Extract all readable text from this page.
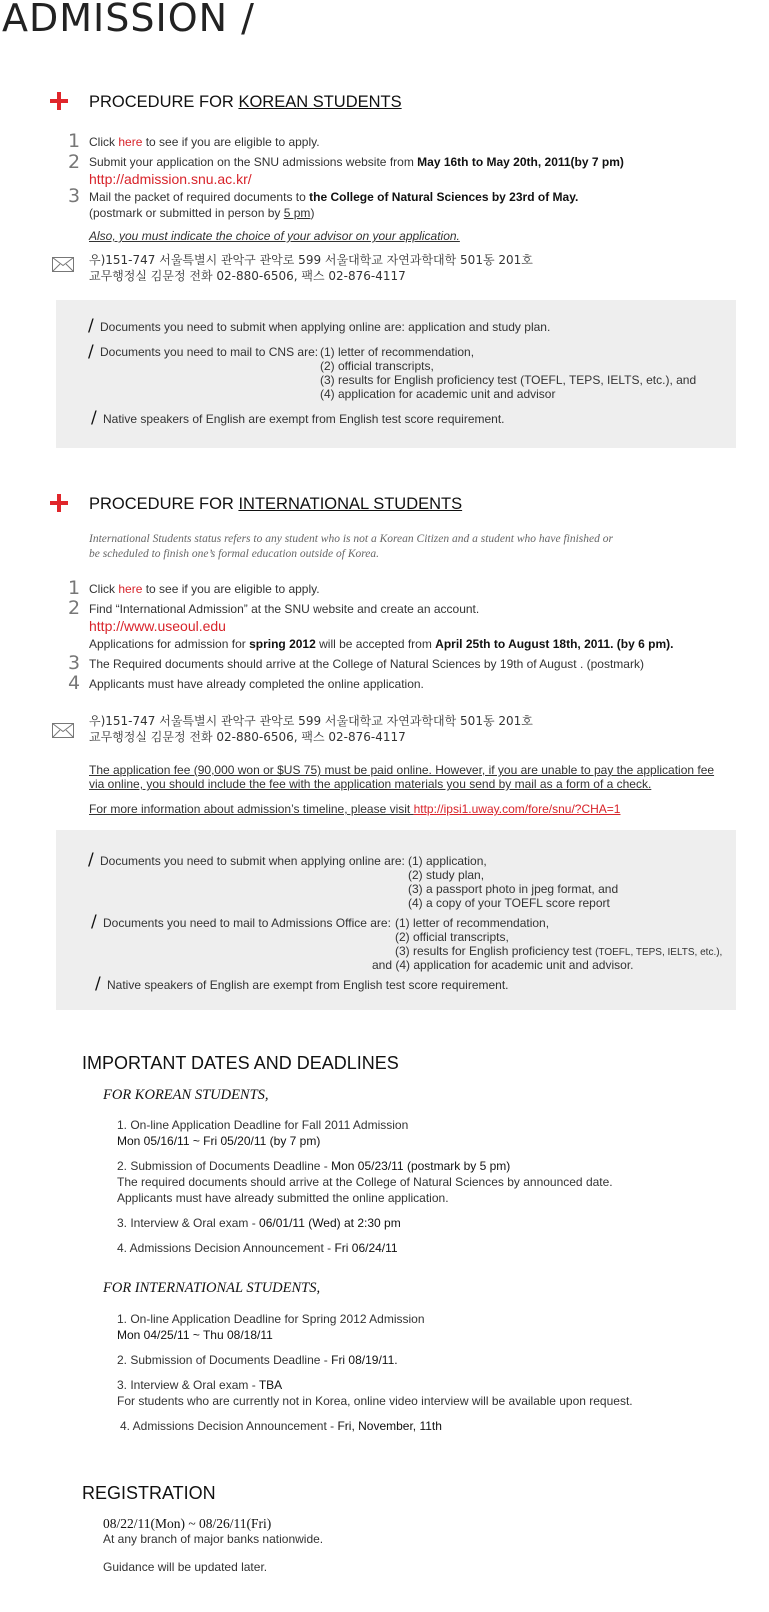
ADMISSION /
PROCEDURE FOR KOREAN STUDENTS
1 Click here to see if you are eligible to apply.
2 Submit your application on the SNU admissions website from May 16th to May 20th, 2011(by 7 pm)
http://admission.snu.ac.kr/
3 Mail the packet of required documents to the College of Natural Sciences by 23rd of May.
(postmark or submitted in person by 5 pm)
Also, you must indicate the choice of your advisor on your application.
우)151-747 서울특별시 관악구 관악로 599 서울대학교 자연과학대학 501동 201호
교무행정실 김문정 전화 02-880-6506, 팩스 02-876-4117
/ Documents you need to submit when applying online are: application and study plan.
/ Documents you need to mail to CNS are: (1) letter of recommendation,
(2) official transcripts,
(3) results for English proficiency test (TOEFL, TEPS, IELTS, etc.), and
(4) application for academic unit and advisor
/ Native speakers of English are exempt from English test score requirement.
PROCEDURE FOR INTERNATIONAL STUDENTS
International Students status refers to any student who is not a Korean Citizen and a student who have finished or
be scheduled to finish one’s formal education outside of Korea.
1 Click here to see if you are eligible to apply.
2 Find “International Admission” at the SNU website and create an account.
http://www.useoul.edu
Applications for admission for spring 2012 will be accepted from April 25th to August 18th, 2011. (by 6 pm).
3 The Required documents should arrive at the College of Natural Sciences by 19th of August . (postmark)
4 Applicants must have already completed the online application.
우)151-747 서울특별시 관악구 관악로 599 서울대학교 자연과학대학 501동 201호
교무행정실 김문정 전화 02-880-6506, 팩스 02-876-4117
The application fee (90,000 won or $US 75) must be paid online. However, if you are unable to pay the application fee
via online, you should include the fee with the application materials you send by mail as a form of a check.
For more information about admission’s timeline, please visit http://ipsi1.uway.com/fore/snu/?CHA=1
/ Documents you need to submit when applying online are: (1) application,
(2) study plan,
(3) a passport photo in jpeg format, and
(4) a copy of your TOEFL score report
/ Documents you need to mail to Admissions Office are: (1) letter of recommendation,
(2) official transcripts,
(3) results for English proficiency test (TOEFL, TEPS, IELTS, etc.),
and (4) application for academic unit and advisor.
/ Native speakers of English are exempt from English test score requirement.
IMPORTANT DATES AND DEADLINES
FOR KOREAN STUDENTS,
1. On-line Application Deadline for Fall 2011 Admission
Mon 05/16/11 ~ Fri 05/20/11 (by 7 pm)
2. Submission of Documents Deadline - Mon 05/23/11 (postmark by 5 pm)
The required documents should arrive at the College of Natural Sciences by announced date.
Applicants must have already submitted the online application.
3. Interview & Oral exam - 06/01/11 (Wed) at 2:30 pm
4. Admissions Decision Announcement - Fri 06/24/11
FOR INTERNATIONAL STUDENTS,
1. On-line Application Deadline for Spring 2012 Admission
Mon 04/25/11 ~ Thu 08/18/11
2. Submission of Documents Deadline - Fri 08/19/11.
3. Interview & Oral exam - TBA
For students who are currently not in Korea, online video interview will be available upon request.
4. Admissions Decision Announcement - Fri, November, 11th
REGISTRATION
08/22/11(Mon) ~ 08/26/11(Fri)
At any branch of major banks nationwide.
Guidance will be updated later.
